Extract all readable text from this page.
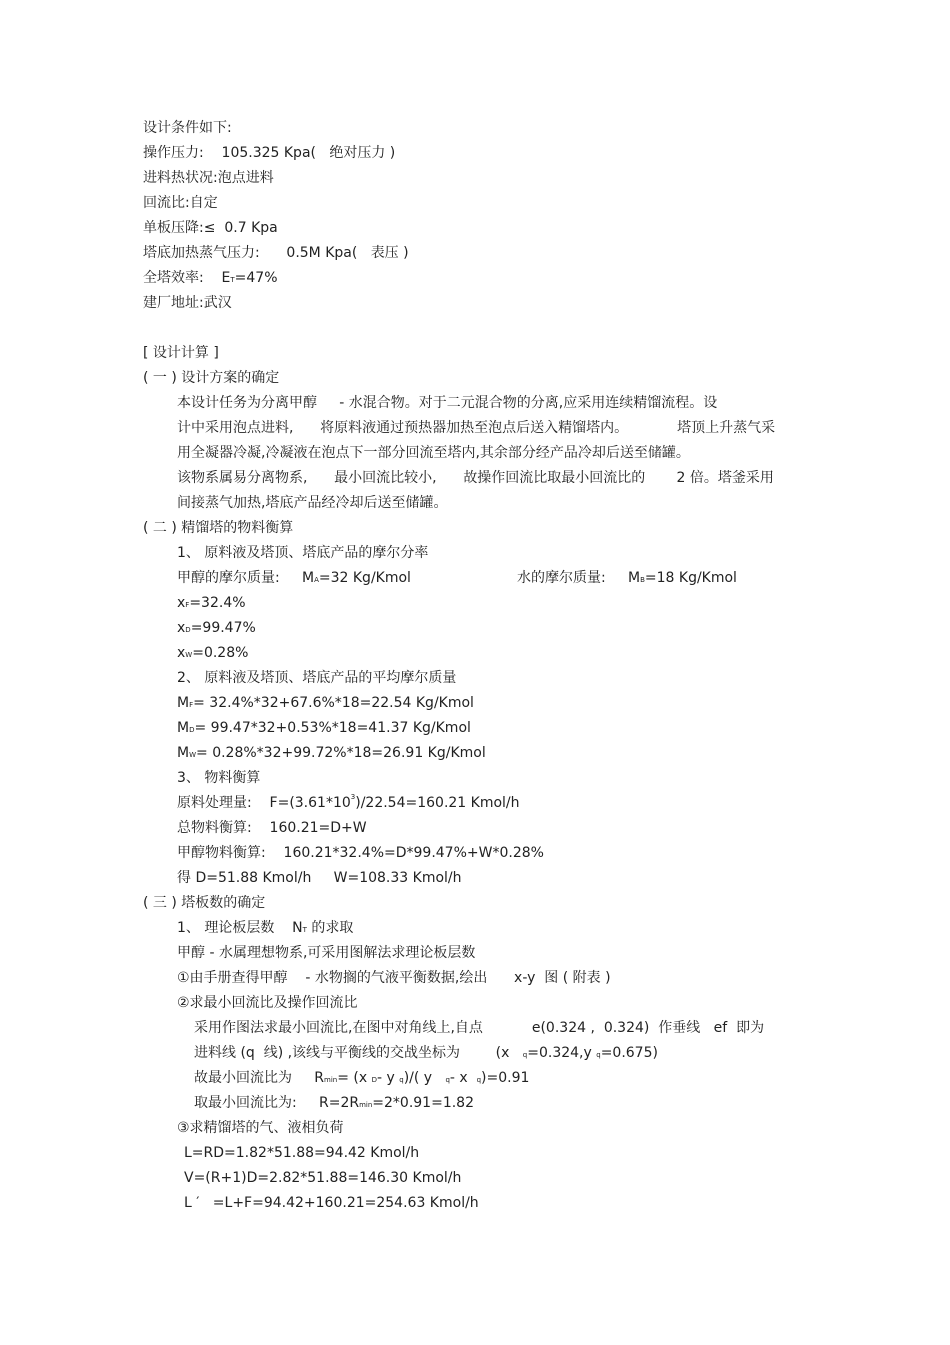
设计条件如下:
操作压力: 105.325 Kpa( 绝对压力 )
进料热状况:泡点进料
回流比:自定
单板压降:≤ 0.7 Kpa
塔底加热蒸气压力: 0.5M Kpa( 表压 )
全塔效率: ET=47%
建厂地址:武汉
[ 设计计算 ]
( 一 ) 设计方案的确定
本设计任务为分离甲醇 - 水混合物。对于二元混合物的分离,应采用连续精馏流程。设
计中采用泡点进料, 将原料液通过预热器加热至泡点后送入精馏塔内。	塔顶上升蒸气采
用全凝器冷凝,冷凝液在泡点下一部分回流至塔内,其余部分经产品冷却后送至储罐。
该物系属易分离物系, 最小回流比较小, 故操作回流比取最小回流比的 2 倍。塔釜采用
间接蒸气加热,塔底产品经冷却后送至储罐。
( 二 ) 精馏塔的物料衡算
1、 原料液及塔顶、塔底产品的摩尔分率
甲醇的摩尔质量: MA=32 Kg/Kmol	水的摩尔质量: MB=18 Kg/Kmol
xF=32.4%
xD=99.47%
xW=0.28%
2、 原料液及塔顶、塔底产品的平均摩尔质量
MF= 32.4%*32+67.6%*18=22.54 Kg/Kmol
MD= 99.47*32+0.53%*18=41.37 Kg/Kmol
MW= 0.28%*32+99.72%*18=26.91 Kg/Kmol
3、 物料衡算
原料处理量: $F=(3.61*10^3)/22.54=160.21$ Kmol/h
总物料衡算: 160.21=D+W
甲醇物料衡算: 160.21*32.4%=D*99.47%+W*0.28%
得 D=51.88 Kmol/h W=108.33 Kmol/h
( 三 ) 塔板数的确定
1、 理论板层数 NT 的求取
甲醇 - 水属理想物系,可采用图解法求理论板层数
①由手册查得甲醇 - 水物搁的气液平衡数据,绘出 x-y  图 ( 附表 )
②求最小回流比及操作回流比
采用作图法求最小回流比,在图中对角线上,自点	e(0.324 ,  0.324)  作垂线 ef  即为
进料线 (q  线) ,该线与平衡线的交战坐标为	(x q=0.324,y q=0.675)
故最小回流比为 Rmin= (x D- y q)/( y q- x q)=0.91
取最小回流比为: R=2Rmin=2*0.91=1.82
③求精馏塔的气、液相负荷
L=RD=1.82*51.88=94.42 Kmol/h
V=(R+1)D=2.82*51.88=146.30 Kmol/h
L ′ =L+F=94.42+160.21=254.63 Kmol/h
